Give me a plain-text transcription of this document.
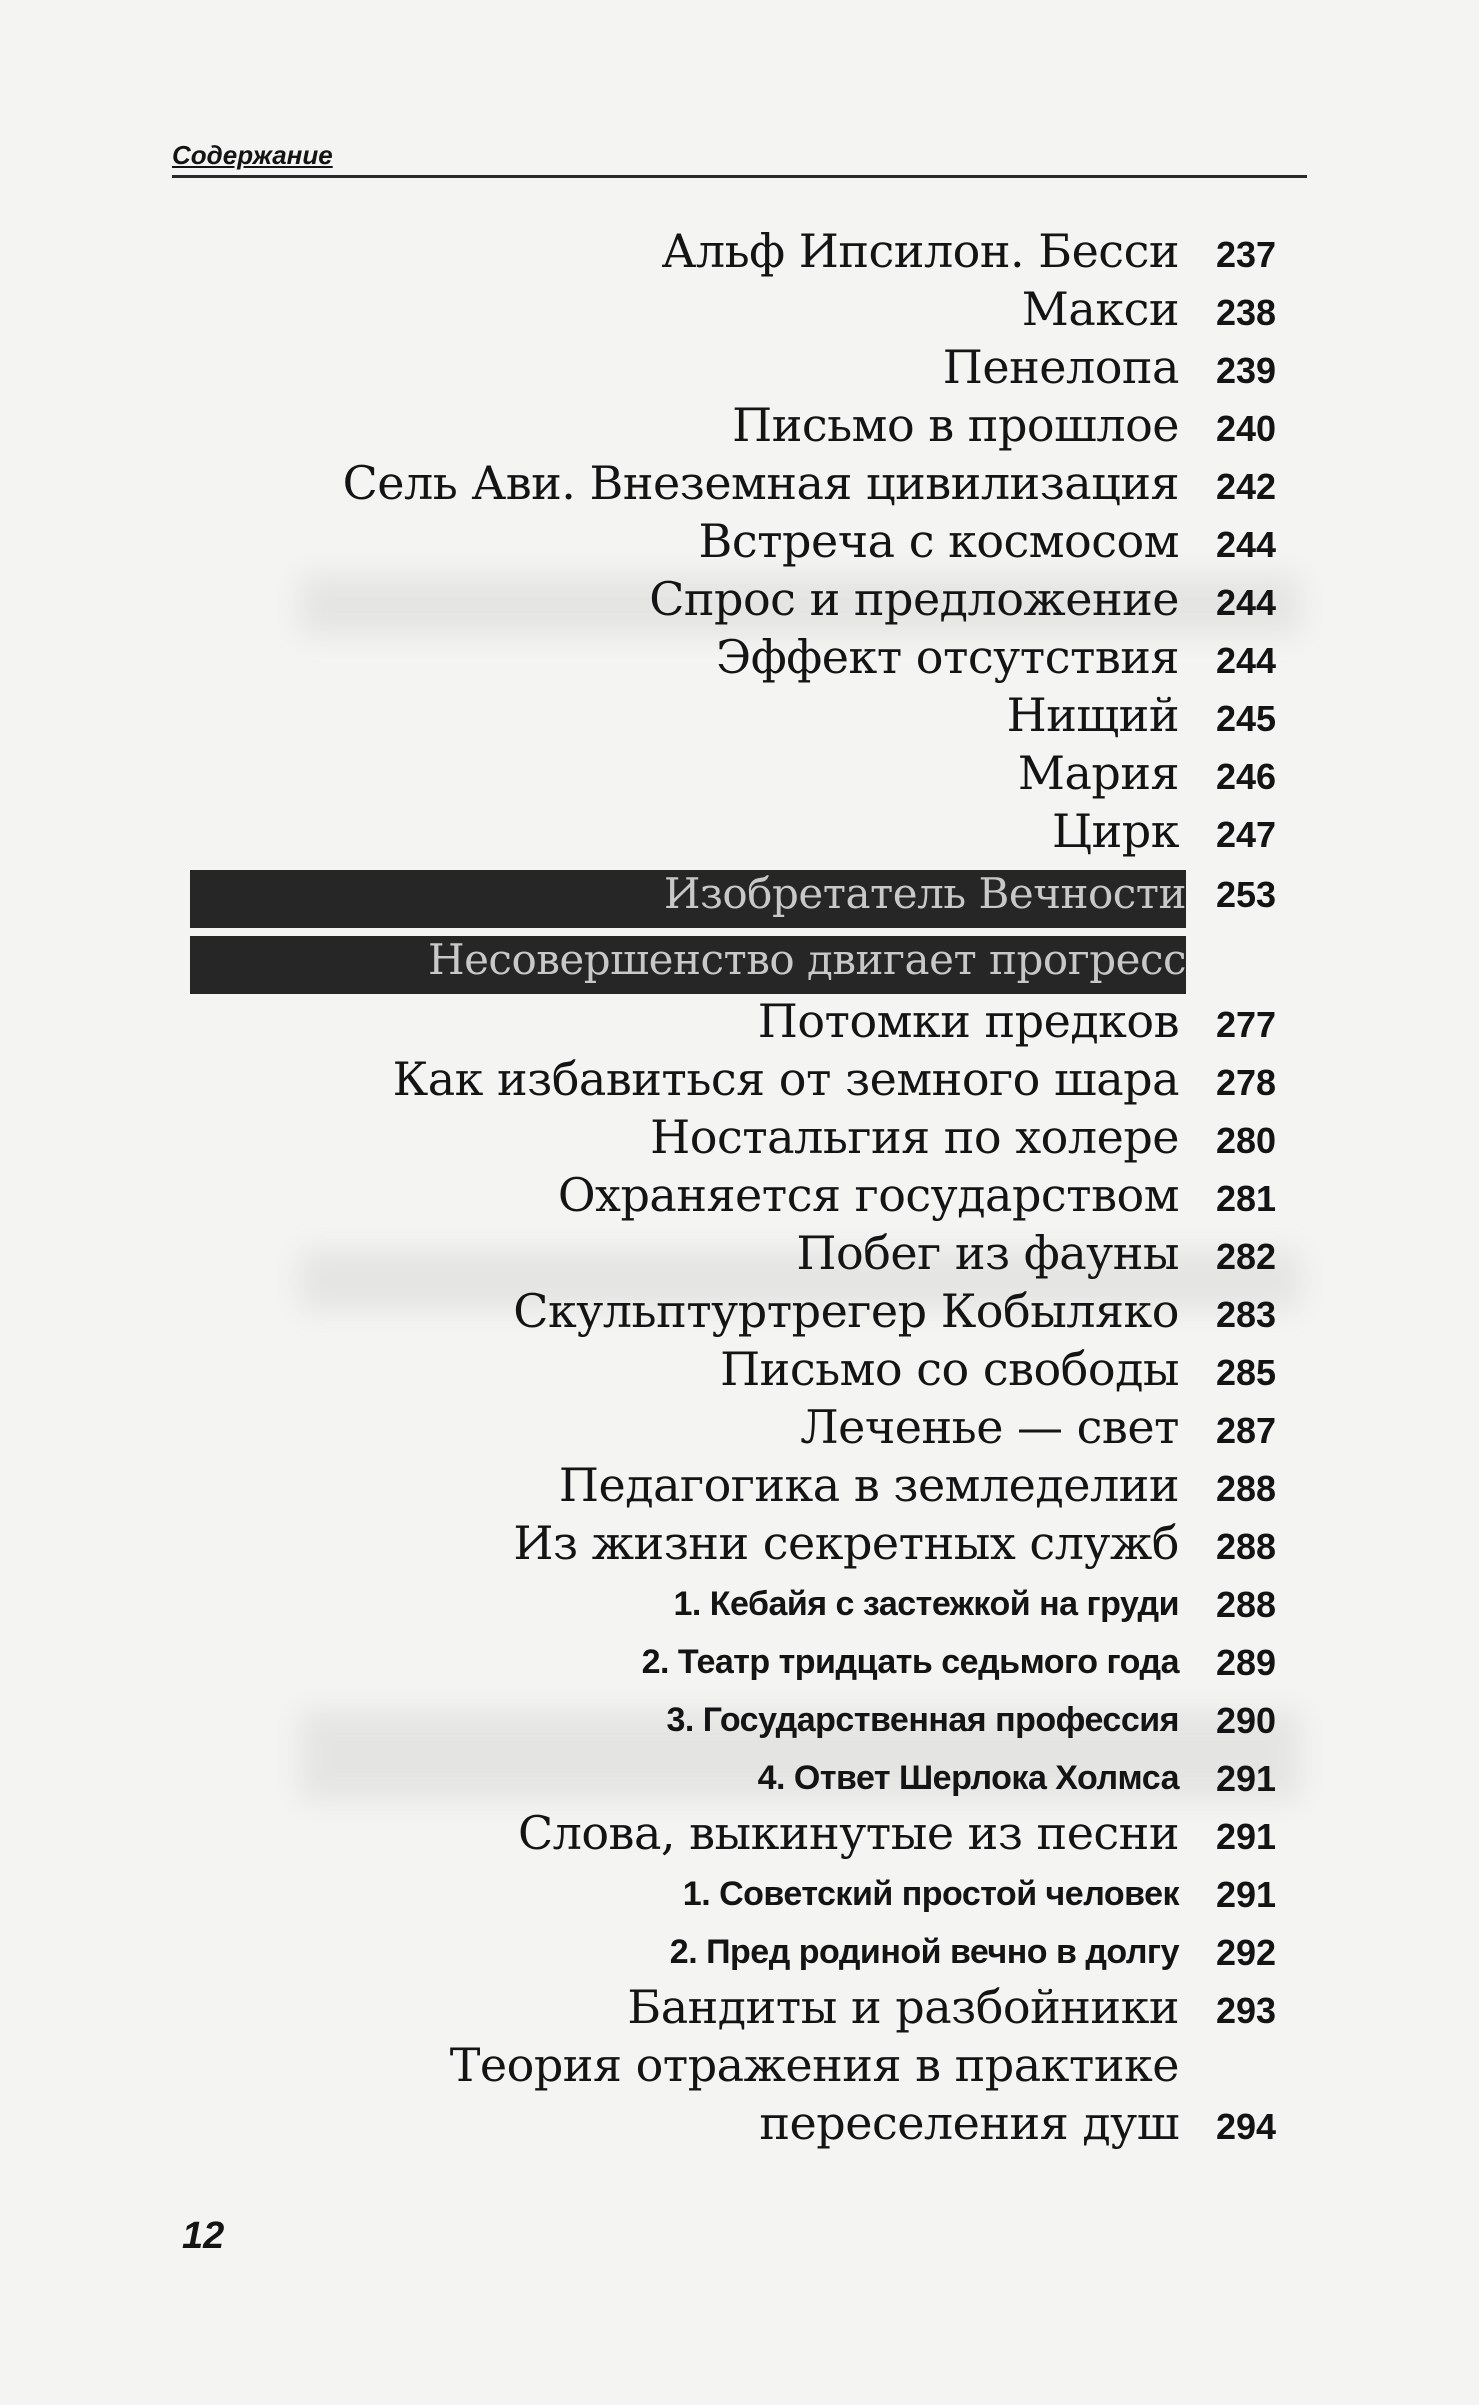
Содержание
Альф Ипсилон. Бесси 237
Макси 238
Пенелопа 239
Письмо в прошлое 240
Сель Ави. Внеземная цивилизация 242
Встреча с космосом 244
Спрос и предложение 244
Эффект отсутствия 244
Нищий 245
Мария 246
Цирк 247
Изобретатель Вечности 253
Несовершенство двигает прогресс
Потомки предков 277
Как избавиться от земного шара 278
Ностальгия по холере 280
Охраняется государством 281
Побег из фауны 282
Скульптуртрегер Кобыляко 283
Письмо со свободы 285
Леченье — свет 287
Педагогика в земледелии 288
Из жизни секретных служб 288
1. Кебайя с застежкой на груди 288
2. Театр тридцать седьмого года 289
3. Государственная профессия 290
4. Ответ Шерлока Холмса 291
Слова, выкинутые из песни 291
1. Советский простой человек 291
2. Пред родиной вечно в долгу 292
Бандиты и разбойники 293
Теория отражения в практике
переселения душ 294
12
